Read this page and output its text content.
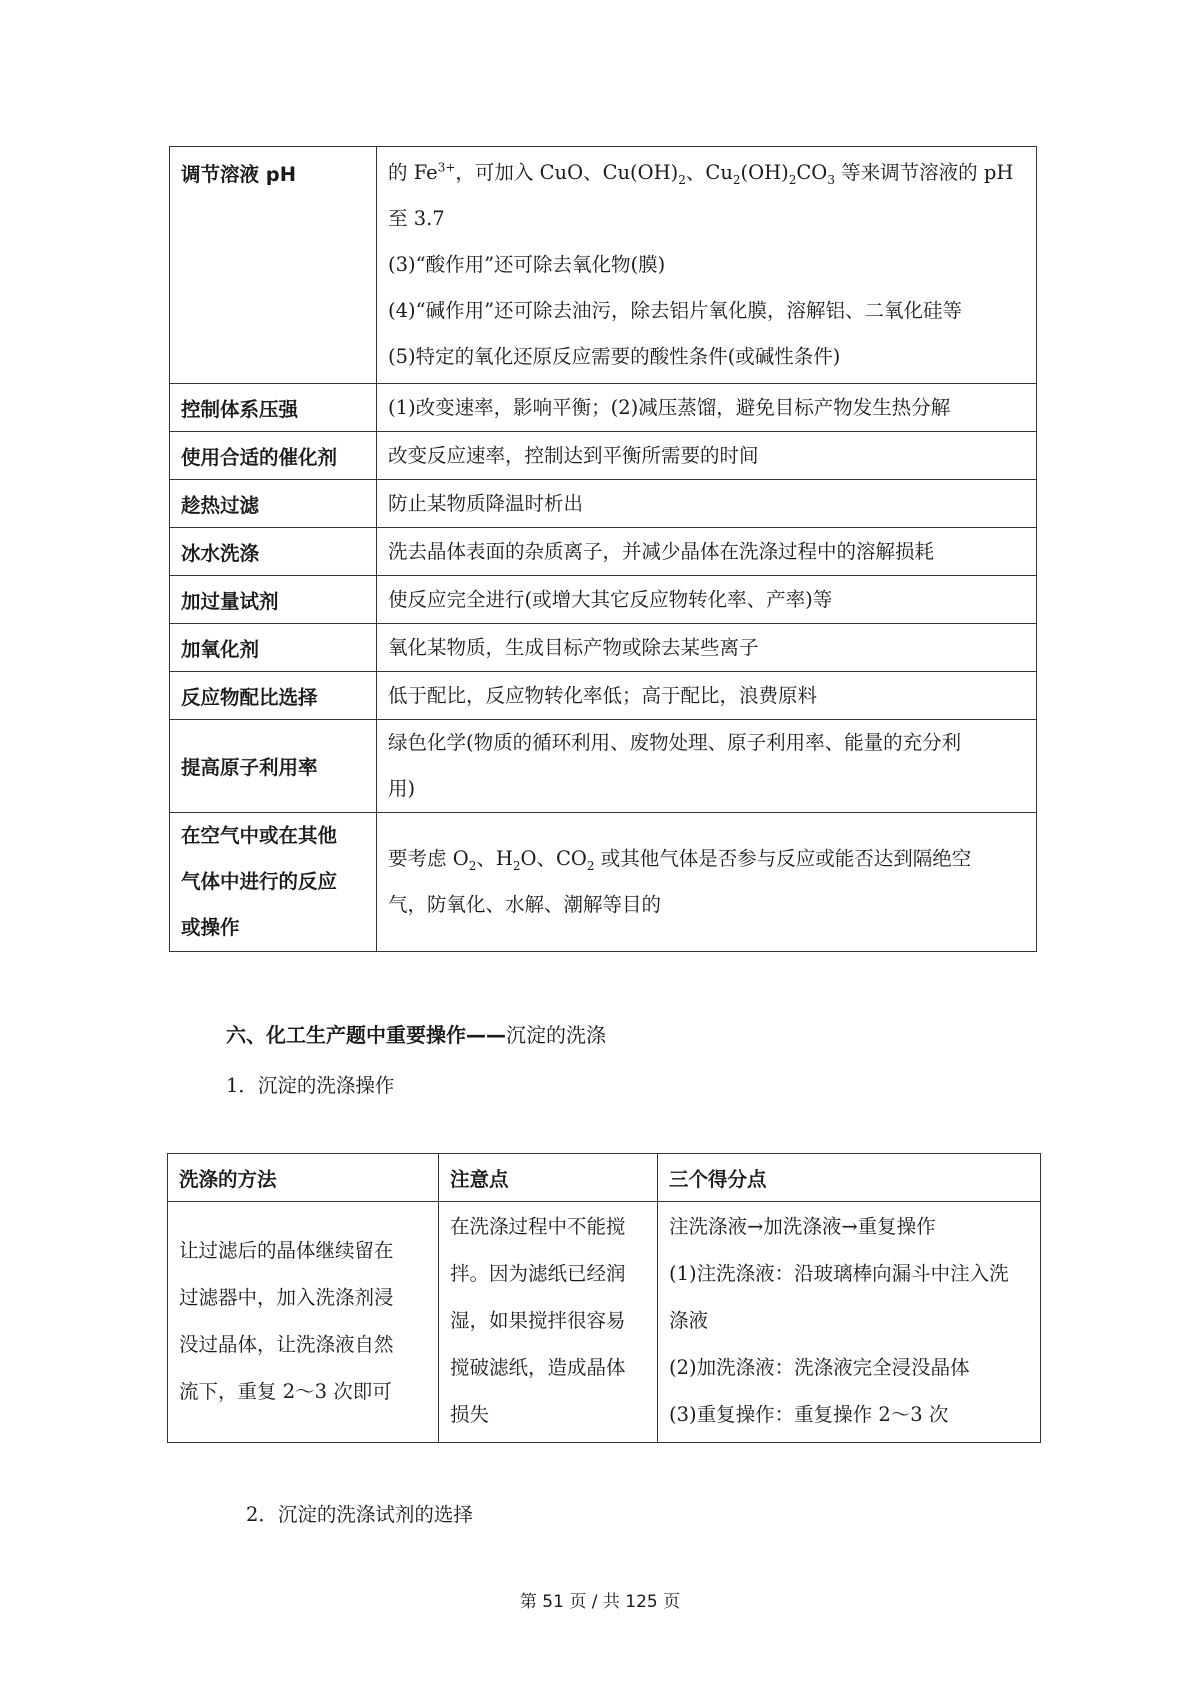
调节溶液 pH	的 $Fe^{3+}$，可加入 CuO、$Cu(OH)_2$、$Cu_2(OH)_2CO_3$ 等来调节溶液的 pH
至 3.7
(3)“酸作用”还可除去氧化物(膜)
(4)“碱作用”还可除去油污，除去铝片氧化膜，溶解铝、二氧化硅等
(5)特定的氧化还原反应需要的酸性条件(或碱性条件)

控制体系压强	(1)改变速率，影响平衡；(2)减压蒸馏，避免目标产物发生热分解
使用合适的催化剂	改变反应速率，控制达到平衡所需要的时间
趁热过滤	防止某物质降温时析出
冰水洗涤	洗去晶体表面的杂质离子，并减少晶体在洗涤过程中的溶解损耗
加过量试剂	使反应完全进行(或增大其它反应物转化率、产率)等
加氧化剂	氧化某物质，生成目标产物或除去某些离子
反应物配比选择	低于配比，反应物转化率低；高于配比，浪费原料
提高原子利用率	绿色化学(物质的循环利用、废物处理、原子利用率、能量的充分利
用)

在空气中或在其他
气体中进行的反应
或操作	要考虑 $O_2$、$H_2O$、$CO_2$ 或其他气体是否参与反应或能否达到隔绝空
气，防氧化、水解、潮解等目的
六、化工生产题中重要操作——沉淀的洗涤
1．沉淀的洗涤操作
洗涤的方法	注意点	三个得分点

让过滤后的晶体继续留在
过滤器中，加入洗涤剂浸
没过晶体，让洗涤液自然
流下，重复 2～3 次即可	在洗涤过程中不能搅
拌。因为滤纸已经润
湿，如果搅拌很容易
搅破滤纸，造成晶体
损失	注洗涤液→加洗涤液→重复操作
(1)注洗涤液：沿玻璃棒向漏斗中注入洗
涤液
(2)加洗涤液：洗涤液完全浸没晶体
(3)重复操作：重复操作 2～3 次
2．沉淀的洗涤试剂的选择
第 51 页 / 共 125 页
